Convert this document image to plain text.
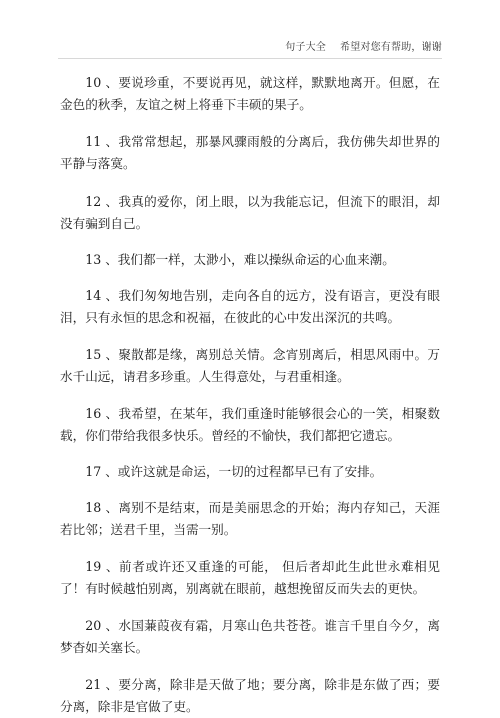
句子大全 希望对您有帮助，谢谢

10 、要说珍重，不要说再见，就这样，默默地离开。但愿，在金色的秋季，友谊之树上将垂下丰硕的果子。

11 、我常常想起，那暴风骤雨般的分离后，我仿佛失却世界的平静与落寞。

12 、我真的爱你，闭上眼，以为我能忘记，但流下的眼泪，却没有骗到自己。

13 、我们都一样，太渺小，难以操纵命运的心血来潮。

14 、我们匆匆地告别，走向各自的远方，没有语言，更没有眼泪，只有永恒的思念和祝福，在彼此的心中发出深沉的共鸣。

15 、聚散都是缘，离别总关情。念宵别离后，相思风雨中。万水千山远，请君多珍重。人生得意处，与君重相逢。

16 、我希望，在某年，我们重逢时能够很会心的一笑，相聚数载，你们带给我很多快乐。曾经的不愉快，我们都把它遗忘。

17 、或许这就是命运，一切的过程都早已有了安排。

18 、离别不是结束，而是美丽思念的开始；海内存知己，天涯若比邻；送君千里，当需一别。

19 、前者或许还又重逢的可能， 但后者却此生此世永难相见了！有时候越怕别离，别离就在眼前，越想挽留反而失去的更快。

20 、水国蒹葭夜有霜，月寒山色共苍苍。谁言千里自今夕，离梦杳如关塞长。

21 、要分离，除非是天做了地；要分离，除非是东做了西；要分离，除非是官做了吏。
